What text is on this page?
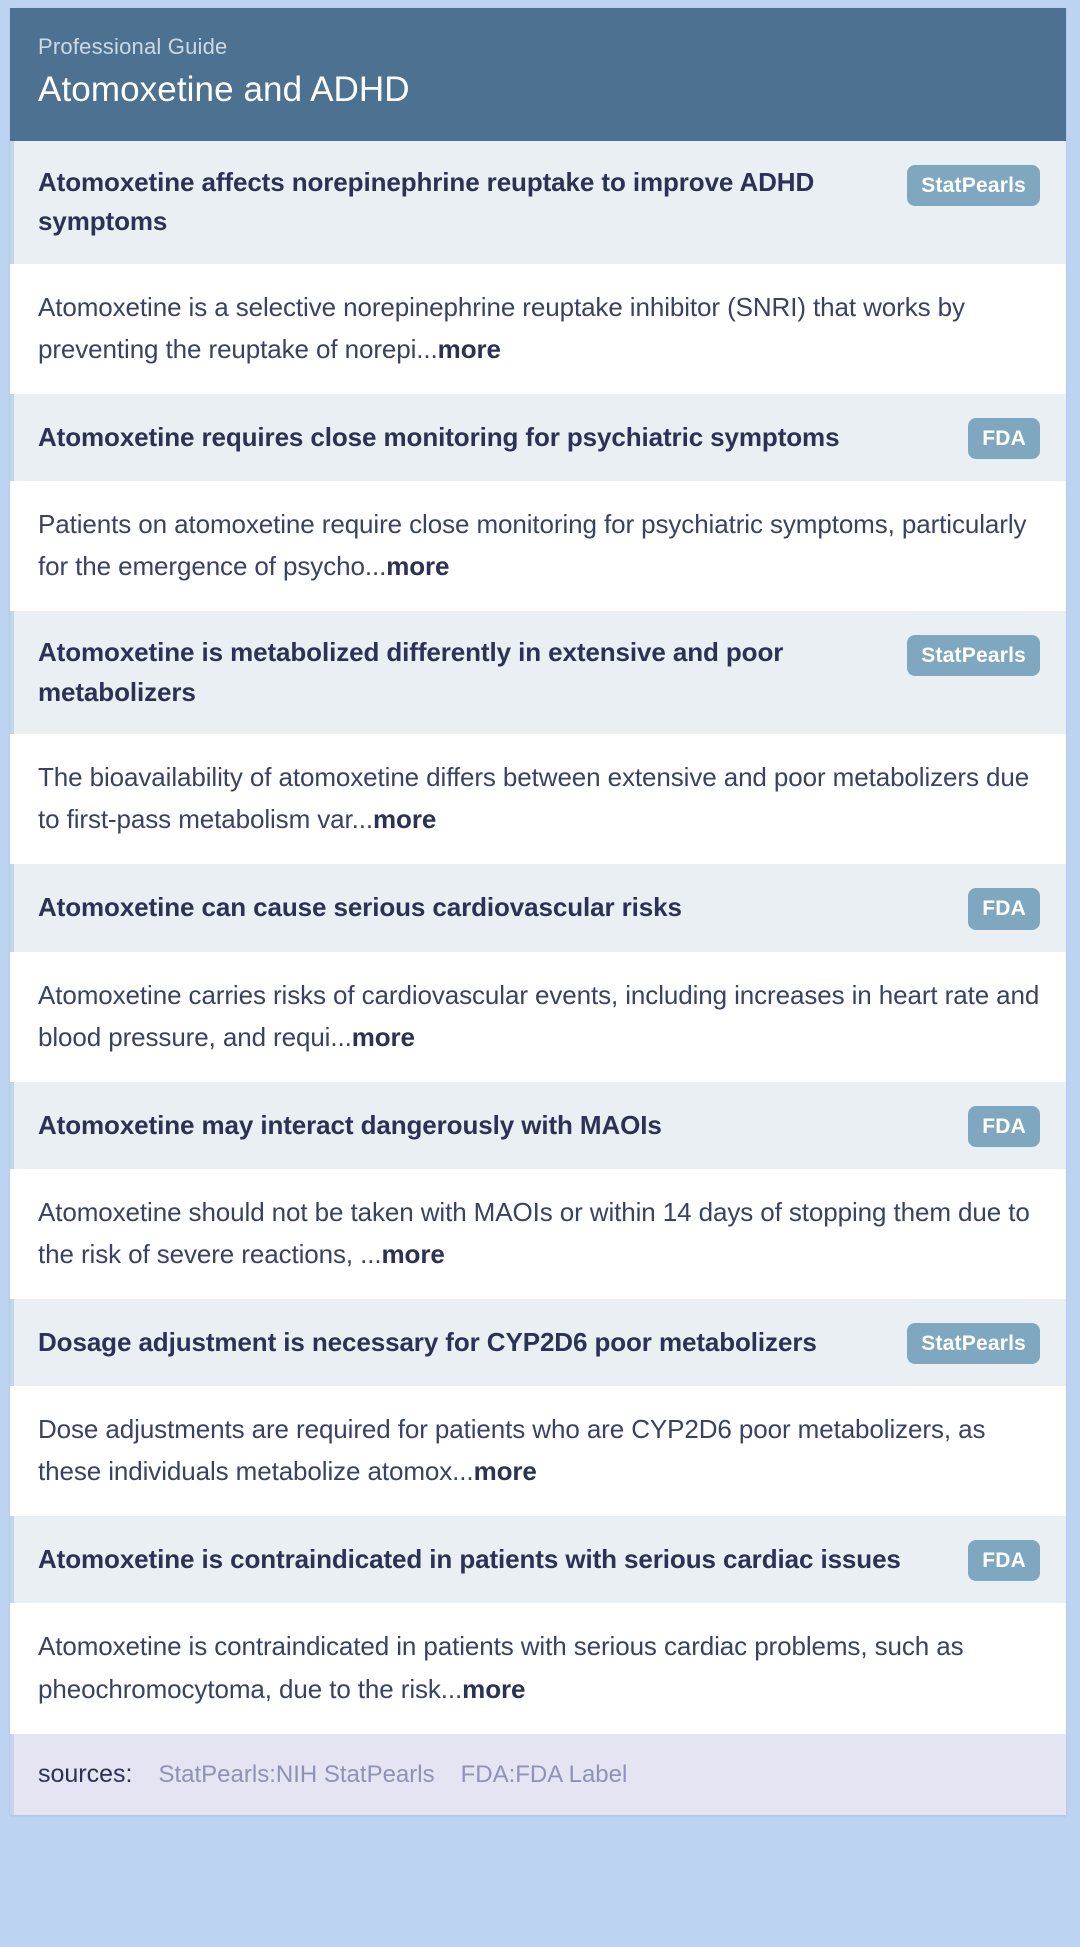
Professional Guide
Atomoxetine and ADHD
Atomoxetine affects norepinephrine reuptake to improve ADHD symptoms
StatPearls
Atomoxetine is a selective norepinephrine reuptake inhibitor (SNRI) that works by preventing the reuptake of norepi...more
Atomoxetine requires close monitoring for psychiatric symptoms	FDA
Patients on atomoxetine require close monitoring for psychiatric symptoms, particularly for the emergence of psycho...more
Atomoxetine is metabolized differently in extensive and poor metabolizers
StatPearls
The bioavailability of atomoxetine differs between extensive and poor metabolizers due to first-pass metabolism var...more
Atomoxetine can cause serious cardiovascular risks	FDA
Atomoxetine carries risks of cardiovascular events, including increases in heart rate and blood pressure, and requi...more
Atomoxetine may interact dangerously with MAOIs	FDA
Atomoxetine should not be taken with MAOIs or within 14 days of stopping them due to the risk of severe reactions, ...more
Dosage adjustment is necessary for CYP2D6 poor metabolizers	StatPearls
Dose adjustments are required for patients who are CYP2D6 poor metabolizers, as these individuals metabolize atomox...more
Atomoxetine is contraindicated in patients with serious cardiac issues	FDA
Atomoxetine is contraindicated in patients with serious cardiac problems, such as pheochromocytoma, due to the risk...more
sources: StatPearls:NIH StatPearls FDA:FDA Label
